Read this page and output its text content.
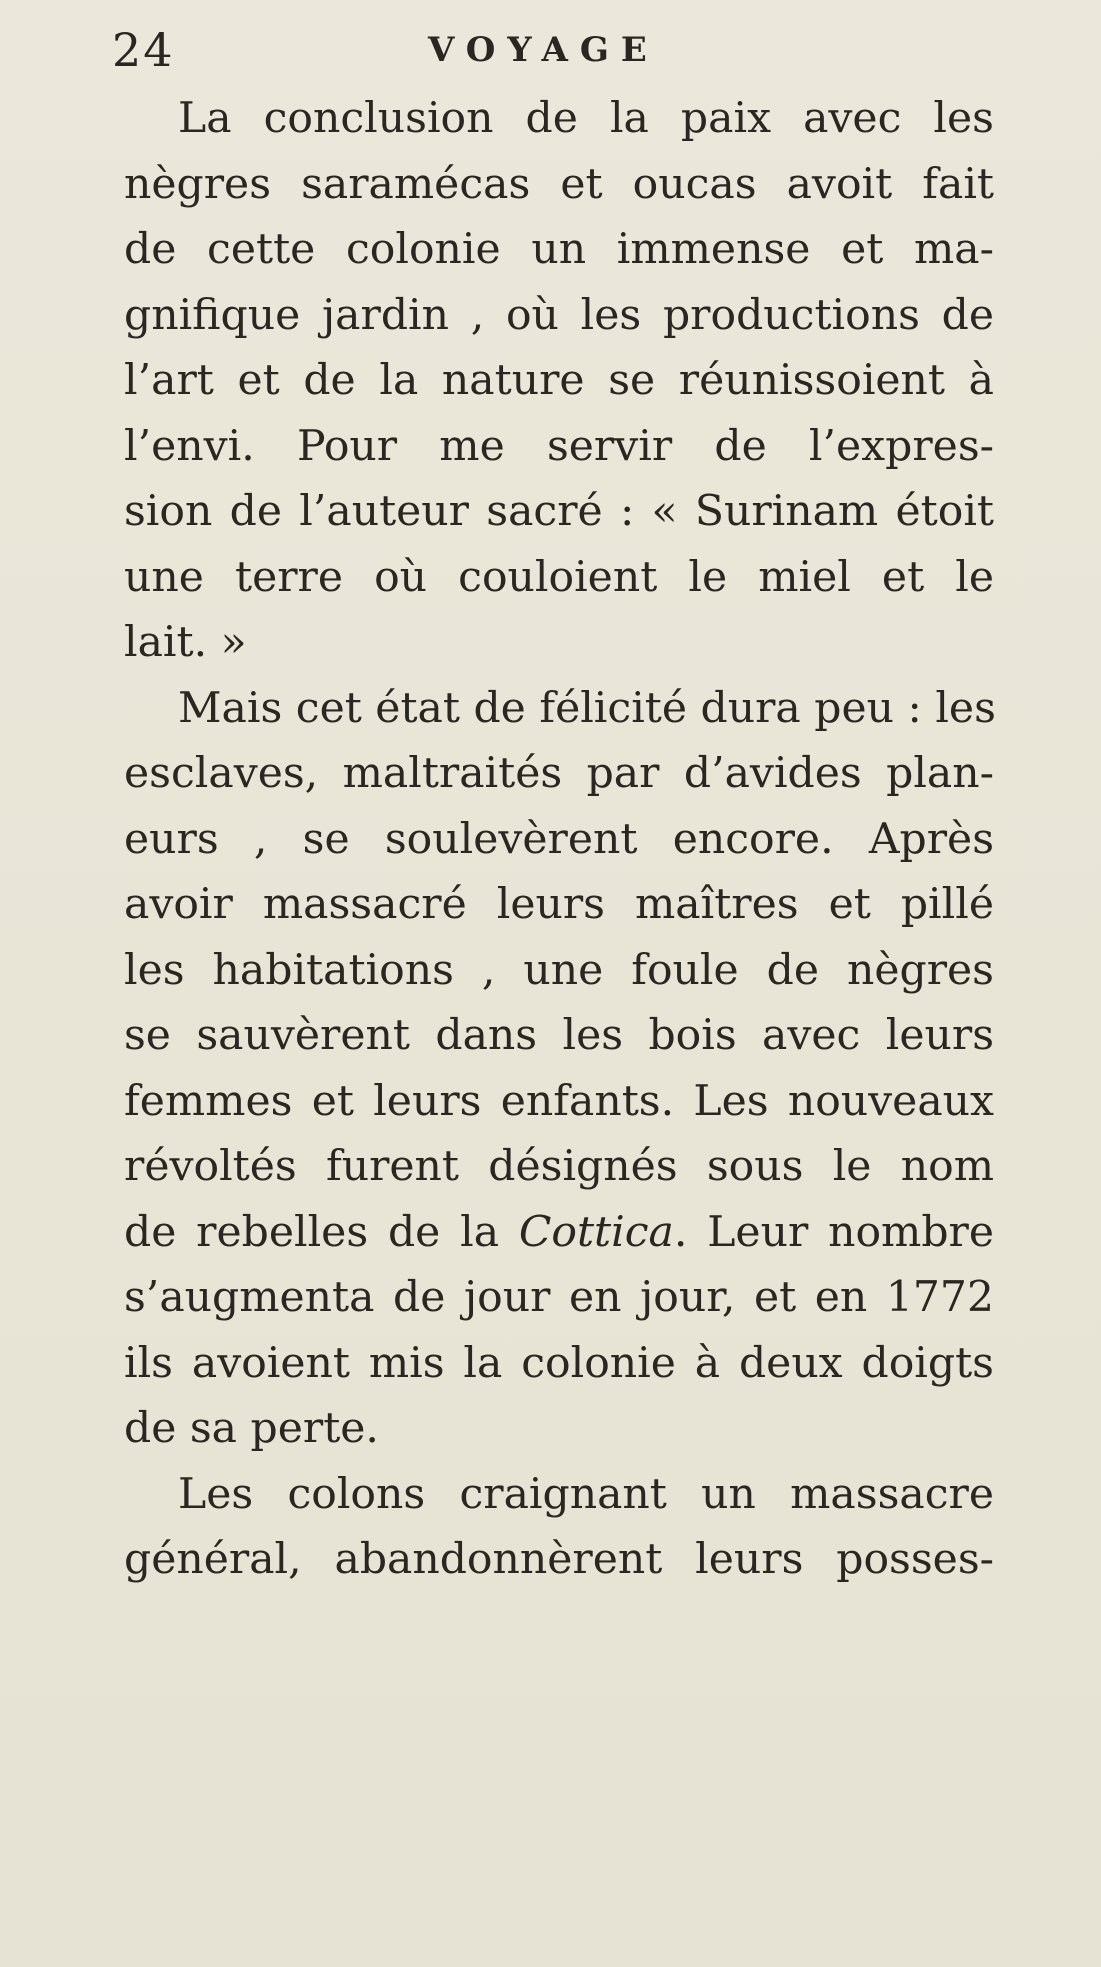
24	VOYAGE
La conclusion de la paix avec les
nègres saramécas et oucas avoit fait
de cette colonie un immense et ma-
gnifique jardin , où les productions de
l’art et de la nature se réunissoient à
l’envi. Pour me servir de l’expres-
sion de l’auteur sacré : « Surinam étoit
une terre où couloient le miel et le
lait. »
Mais cet état de félicité dura peu : les
esclaves, maltraités par d’avides plan-
eurs , se soulevèrent encore. Après
avoir massacré leurs maîtres et pillé
les habitations , une foule de nègres
se sauvèrent dans les bois avec leurs
femmes et leurs enfants. Les nouveaux
révoltés furent désignés sous le nom
de rebelles de la Cottica. Leur nombre
s’augmenta de jour en jour, et en 1772
ils avoient mis la colonie à deux doigts
de sa perte.
Les colons craignant un massacre
général, abandonnèrent leurs posses-
